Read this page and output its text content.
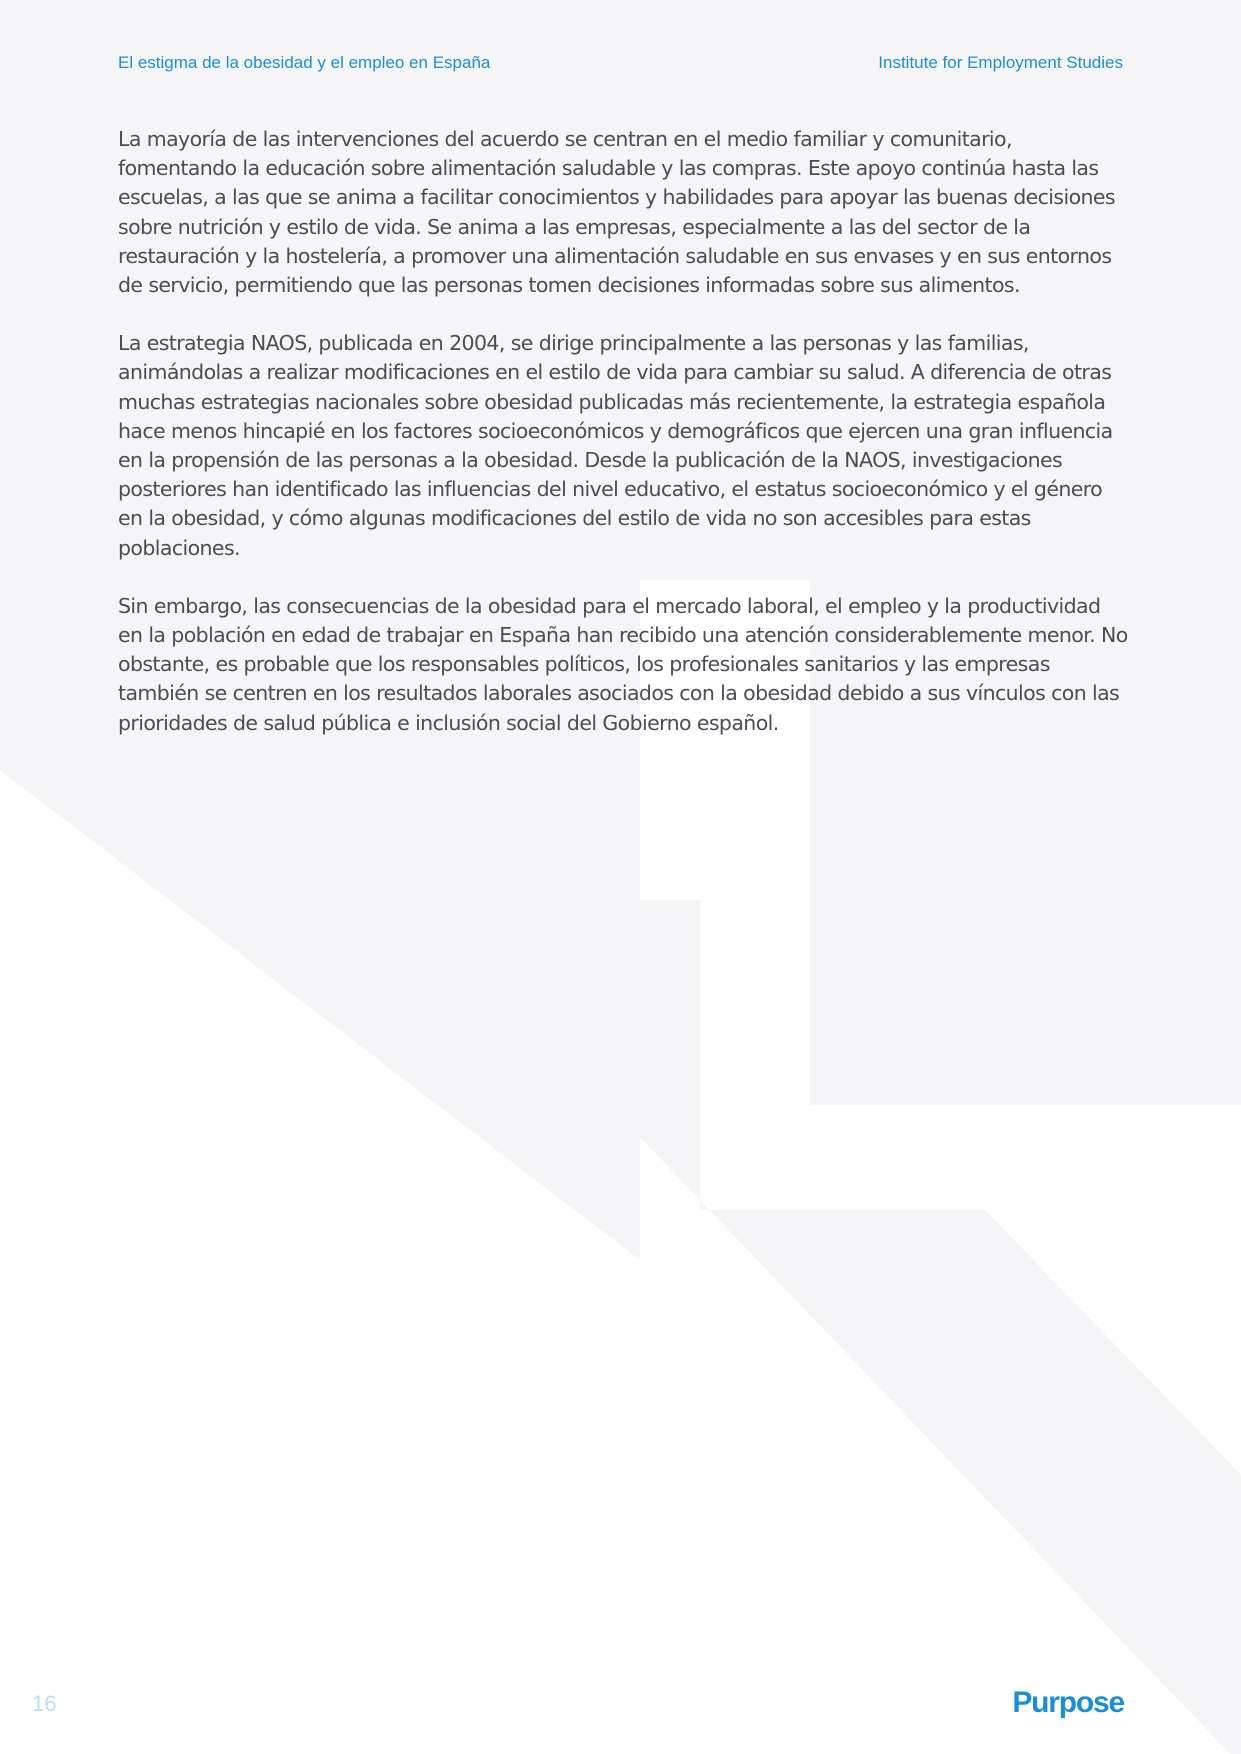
El estigma de la obesidad y el empleo en España	Institute for Employment Studies

La mayoría de las intervenciones del acuerdo se centran en el medio familiar y comunitario, fomentando la educación sobre alimentación saludable y las compras. Este apoyo continúa hasta las escuelas, a las que se anima a facilitar conocimientos y habilidades para apoyar las buenas decisiones sobre nutrición y estilo de vida. Se anima a las empresas, especialmente a las del sector de la restauración y la hostelería, a promover una alimentación saludable en sus envases y en sus entornos de servicio, permitiendo que las personas tomen decisiones informadas sobre sus alimentos.

La estrategia NAOS, publicada en 2004, se dirige principalmente a las personas y las familias, animándolas a realizar modificaciones en el estilo de vida para cambiar su salud. A diferencia de otras muchas estrategias nacionales sobre obesidad publicadas más recientemente, la estrategia española hace menos hincapié en los factores socioeconómicos y demográficos que ejercen una gran influencia en la propensión de las personas a la obesidad. Desde la publicación de la NAOS, investigaciones posteriores han identificado las influencias del nivel educativo, el estatus socioeconómico y el género en la obesidad, y cómo algunas modificaciones del estilo de vida no son accesibles para estas poblaciones.

Sin embargo, las consecuencias de la obesidad para el mercado laboral, el empleo y la productividad en la población en edad de trabajar en España han recibido una atención considerablemente menor. No obstante, es probable que los responsables políticos, los profesionales sanitarios y las empresas también se centren en los resultados laborales asociados con la obesidad debido a sus vínculos con las prioridades de salud pública e inclusión social del Gobierno español.

16	Purpose
